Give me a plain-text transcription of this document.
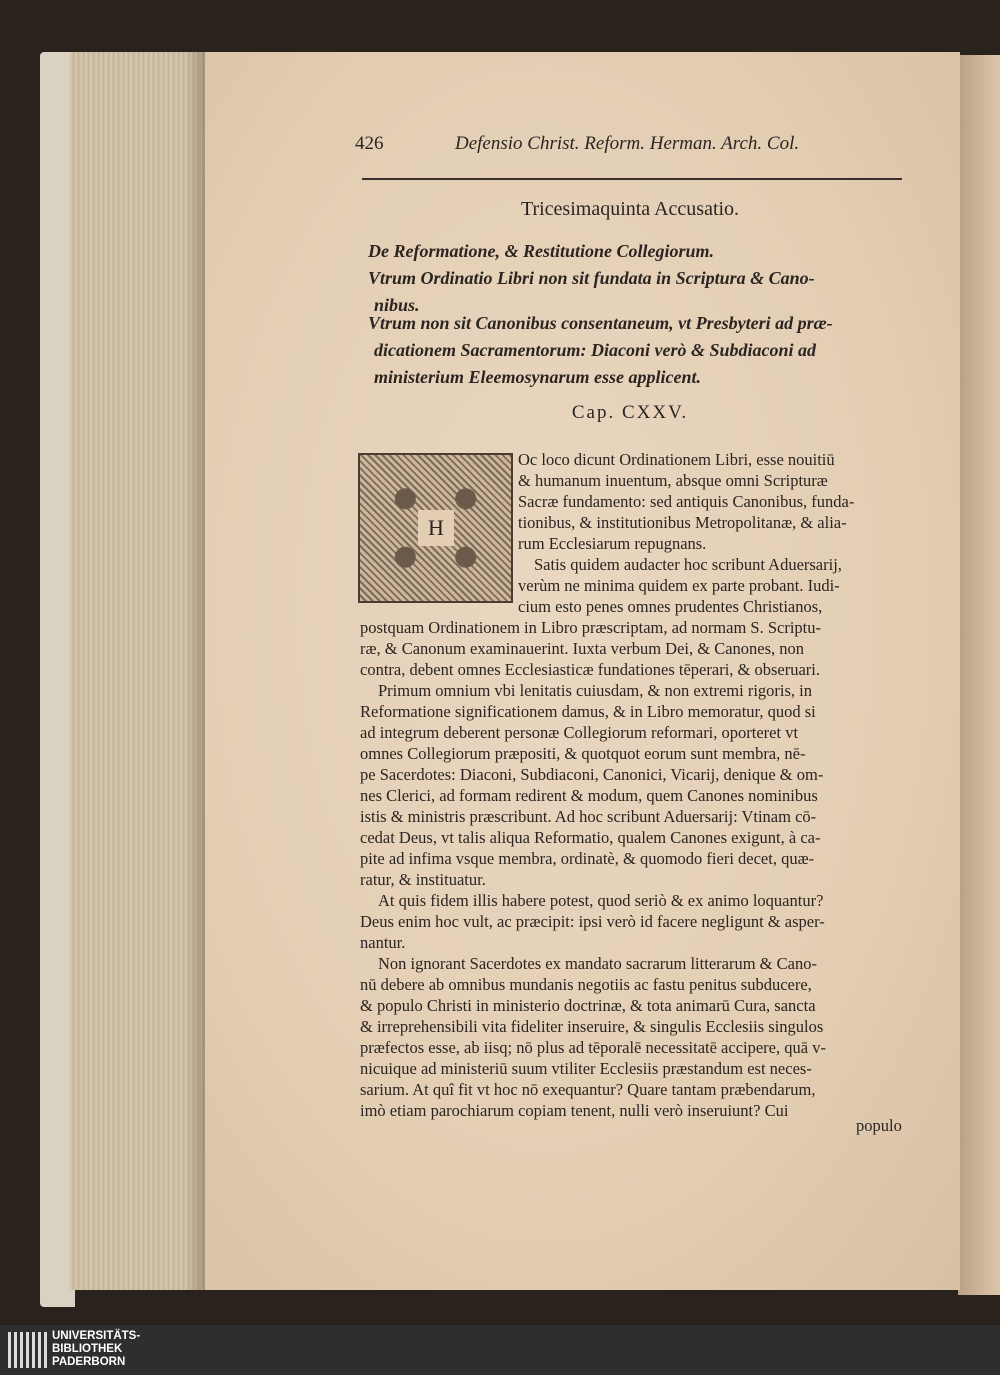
426	Defensio Christ. Reform. Herman. Arch. Col.
Tricesimaquinta Accusatio.
De Reformatione, & Restitutione Collegiorum.
Vtrum Ordinatio Libri non sit fundata in Scriptura & Cano-
nibus.
Vtrum non sit Canonibus consentaneum, vt Presbyteri ad præ-
dicationem Sacramentorum: Diaconi verò & Subdiaconi ad
ministerium Eleemosynarum esse applicent.
Cap. CXXV.
H
Oc loco dicunt Ordinationem Libri, esse nouitiū
& humanum inuentum, absque omni Scripturæ
Sacræ fundamento: sed antiquis Canonibus, funda-
tionibus, & institutionibus Metropolitanæ, & alia-
rum Ecclesiarum repugnans.
Satis quidem audacter hoc scribunt Aduersarij,
verùm ne minima quidem ex parte probant. Iudi-
cium esto penes omnes prudentes Christianos,
postquam Ordinationem in Libro præscriptam, ad normam S. Scriptu-
ræ, & Canonum examinauerint. Iuxta verbum Dei, & Canones, non
contra, debent omnes Ecclesiasticæ fundationes tēperari, & obseruari.
Primum omnium vbi lenitatis cuiusdam, & non extremi rigoris, in
Reformatione significationem damus, & in Libro memoratur, quod si
ad integrum deberent personæ Collegiorum reformari, oporteret vt
omnes Collegiorum præpositi, & quotquot eorum sunt membra, nē-
pe Sacerdotes: Diaconi, Subdiaconi, Canonici, Vicarij, denique & om-
nes Clerici, ad formam redirent & modum, quem Canones nominibus
istis & ministris præscribunt. Ad hoc scribunt Aduersarij: Vtinam cō-
cedat Deus, vt talis aliqua Reformatio, qualem Canones exigunt, à ca-
pite ad infima vsque membra, ordinatè, & quomodo fieri decet, quæ-
ratur, & instituatur.
At quis fidem illis habere potest, quod seriò & ex animo loquantur?
Deus enim hoc vult, ac præcipit: ipsi verò id facere negligunt & asper-
nantur.
Non ignorant Sacerdotes ex mandato sacrarum litterarum & Cano-
nū debere ab omnibus mundanis negotiis ac fastu penitus subducere,
& populo Christi in ministerio doctrinæ, & tota animarū Cura, sancta
& irreprehensibili vita fideliter inseruire, & singulis Ecclesiis singulos
præfectos esse, ab iisq; nō plus ad tēporalē necessitatē accipere, quā v-
nicuique ad ministeriū suum vtiliter Ecclesiis præstandum est neces-
sarium. At quî fit vt hoc nō exequantur? Quare tantam præbendarum,
imò etiam parochiarum copiam tenent, nulli verò inseruiunt? Cui
populo
UNIVERSITÄTS-
BIBLIOTHEK
PADERBORN
